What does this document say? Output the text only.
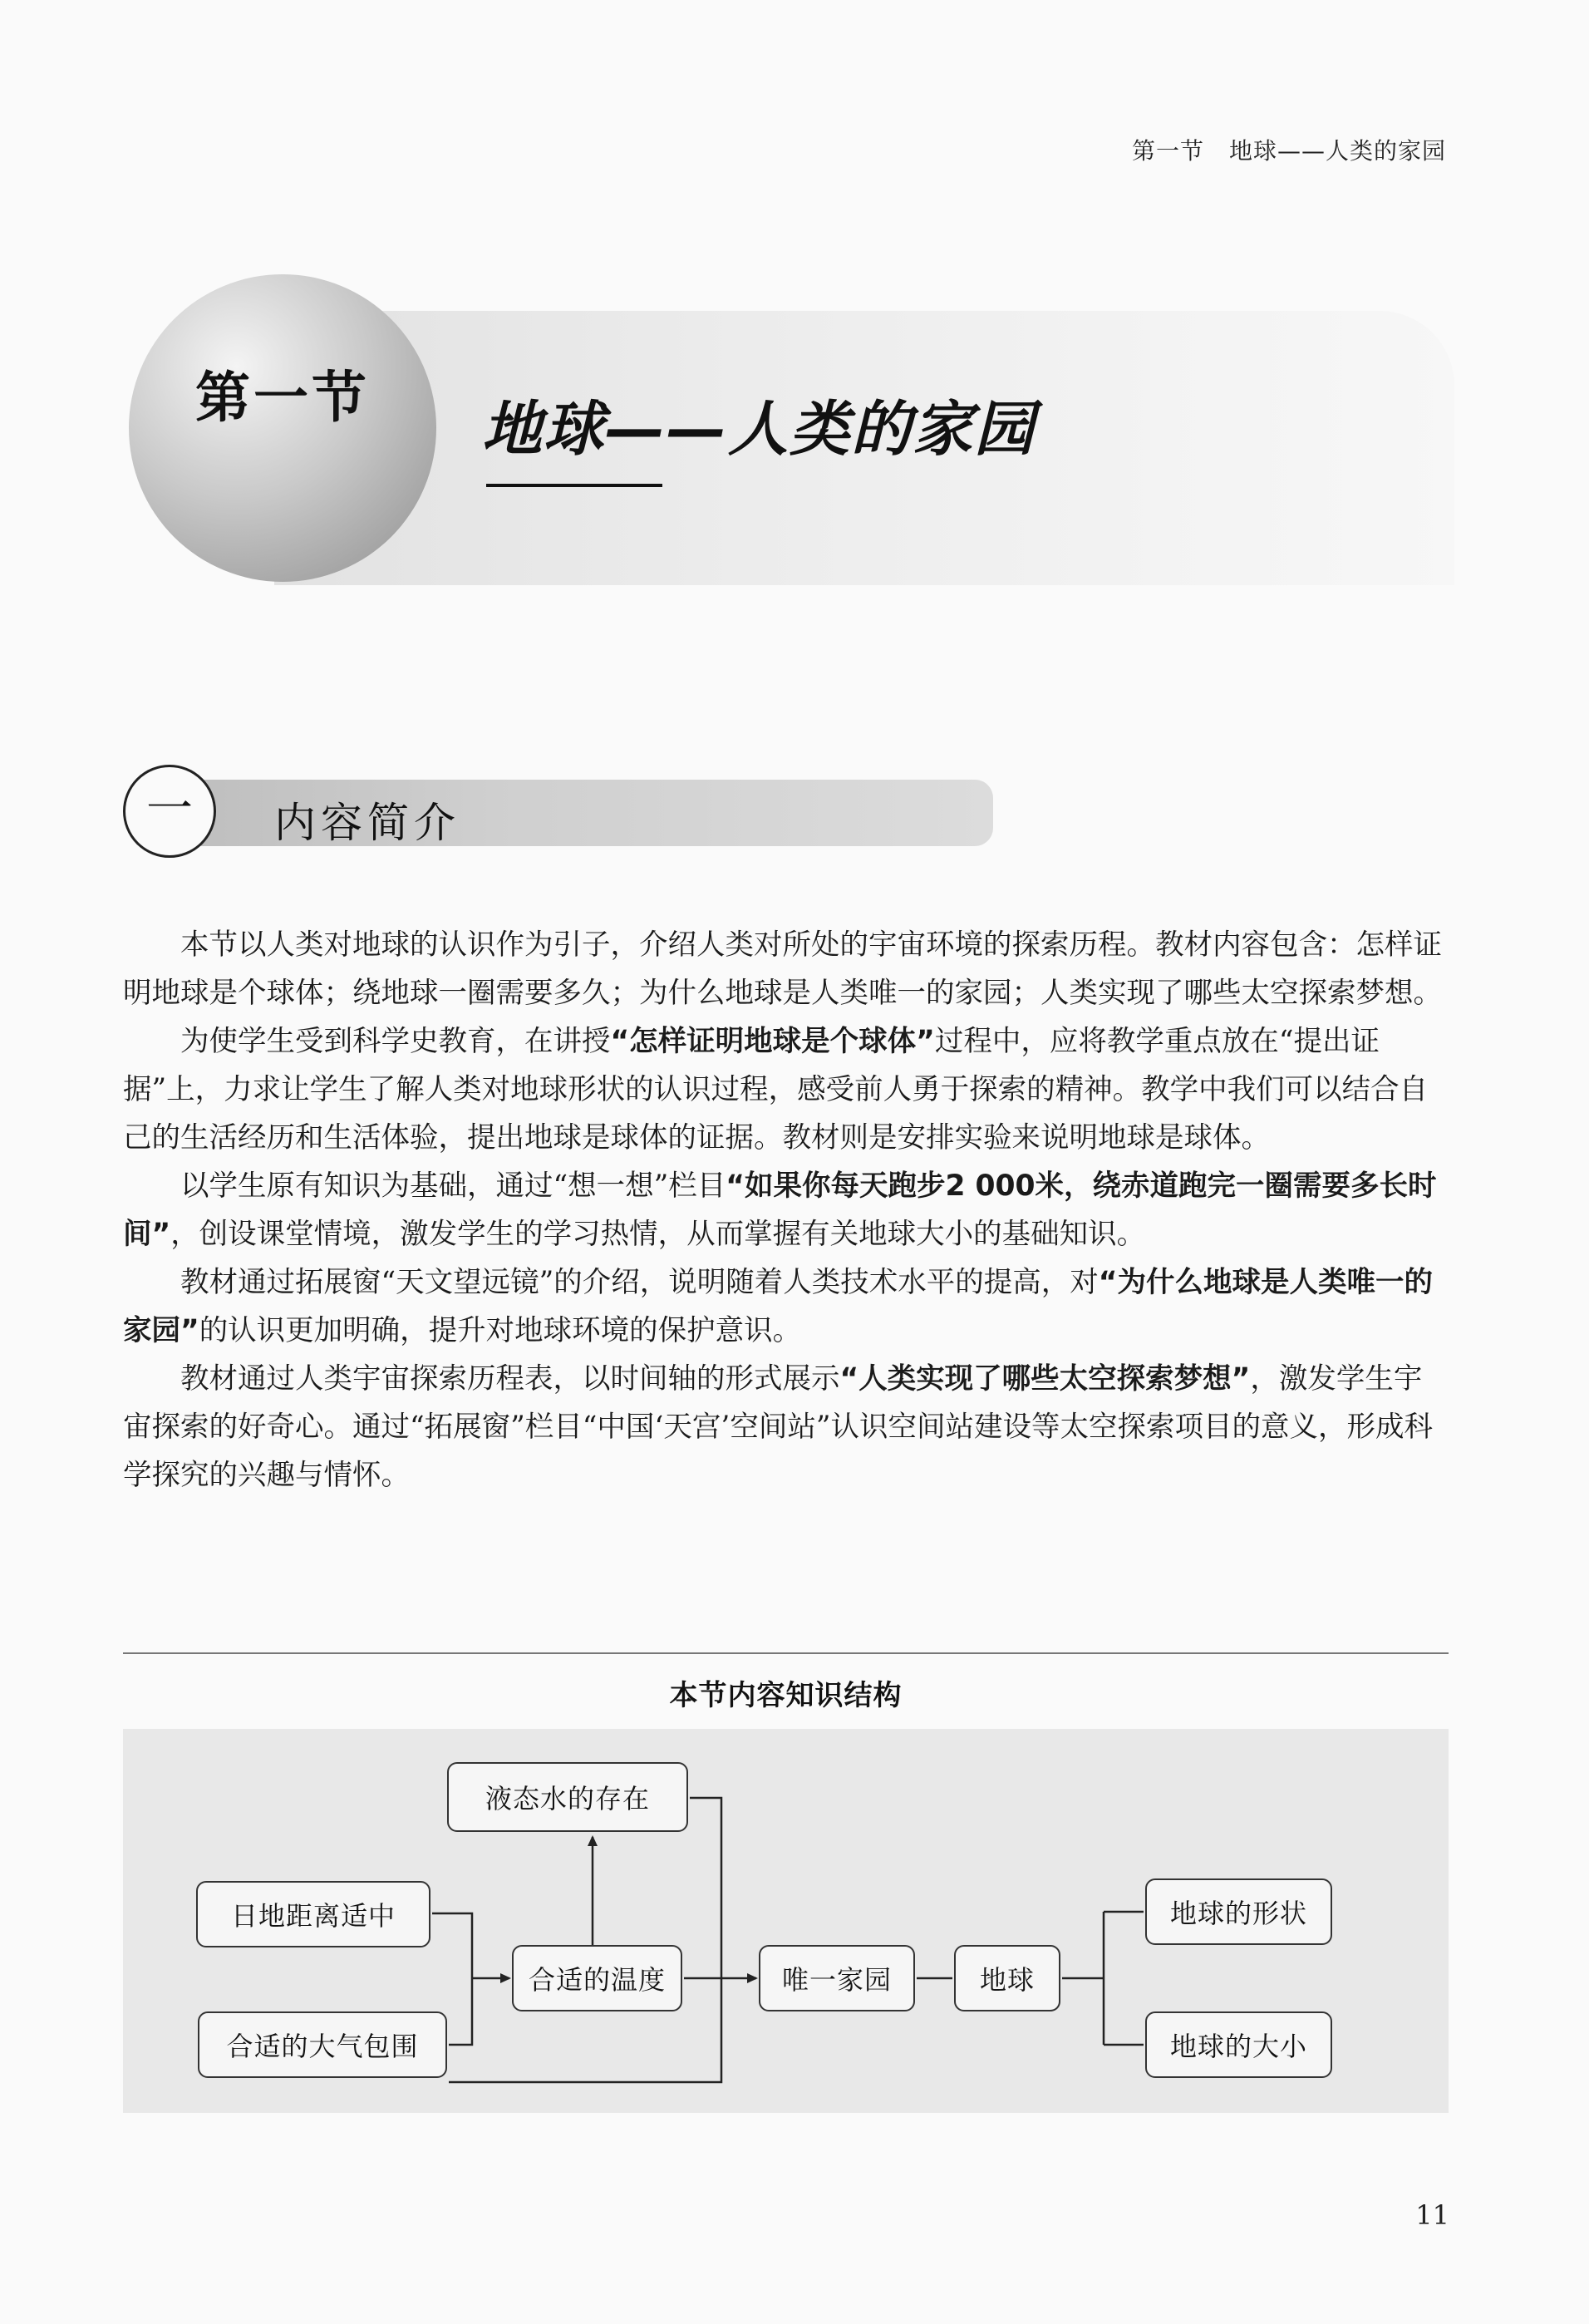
第一节 地球——人类的家园
第一节	地球——人类的家园
一	内容简介

本节以人类对地球的认识作为引子，介绍人类对所处的宇宙环境的探索历程。教材内容包含：怎样证明地球是个球体；绕地球一圈需要多久；为什么地球是人类唯一的家园；人类实现了哪些太空探索梦想。

为使学生受到科学史教育，在讲授“怎样证明地球是个球体”过程中，应将教学重点放在“提出证据”上，力求让学生了解人类对地球形状的认识过程，感受前人勇于探索的精神。教学中我们可以结合自己的生活经历和生活体验，提出地球是球体的证据。教材则是安排实验来说明地球是球体。

以学生原有知识为基础，通过“想一想”栏目“如果你每天跑步2 000米，绕赤道跑完一圈需要多长时间”，创设课堂情境，激发学生的学习热情，从而掌握有关地球大小的基础知识。

教材通过拓展窗“天文望远镜”的介绍，说明随着人类技术水平的提高，对“为什么地球是人类唯一的家园”的认识更加明确，提升对地球环境的保护意识。

教材通过人类宇宙探索历程表，以时间轴的形式展示“人类实现了哪些太空探索梦想”，激发学生宇宙探索的好奇心。通过“拓展窗”栏目“中国‘天宫’空间站”认识空间站建设等太空探索项目的意义，形成科学探究的兴趣与情怀。

本节内容知识结构
液态水的存在
日地距离适中
合适的大气包围
合适的温度	唯一家园	地球
地球的形状
地球的大小
11
